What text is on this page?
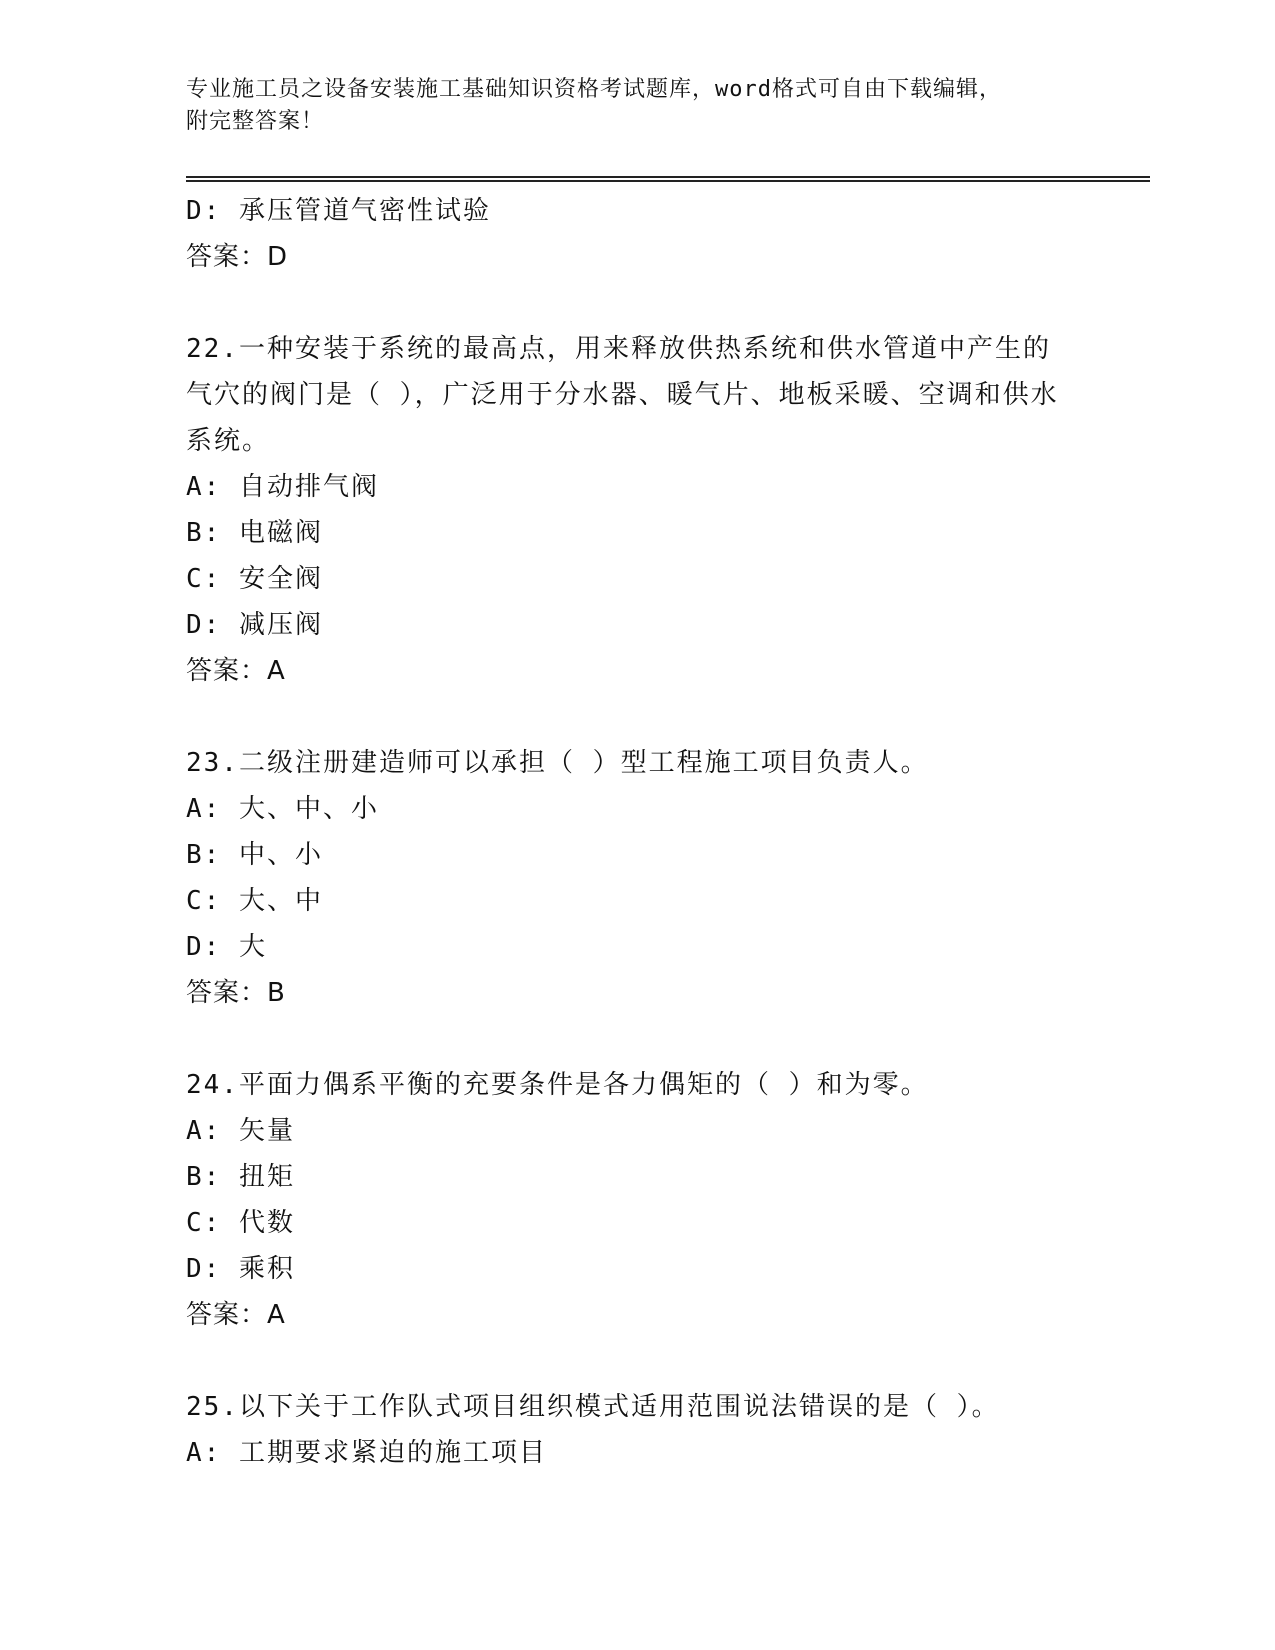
专业施工员之设备安装施工基础知识资格考试题库，word格式可自由下载编辑，
附完整答案！
D: 承压管道气密性试验
答案：D
22.一种安装于系统的最高点，用来释放供热系统和供水管道中产生的气穴的阀门是（ ），广泛用于分水器、暖气片、地板采暖、空调和供水系统。
A: 自动排气阀
B: 电磁阀
C: 安全阀
D: 减压阀
答案：A
23.二级注册建造师可以承担（ ）型工程施工项目负责人。
A: 大、中、小
B: 中、小
C: 大、中
D: 大
答案：B
24.平面力偶系平衡的充要条件是各力偶矩的（ ）和为零。
A: 矢量
B: 扭矩
C: 代数
D: 乘积
答案：A
25.以下关于工作队式项目组织模式适用范围说法错误的是（ ）。
A: 工期要求紧迫的施工项目
